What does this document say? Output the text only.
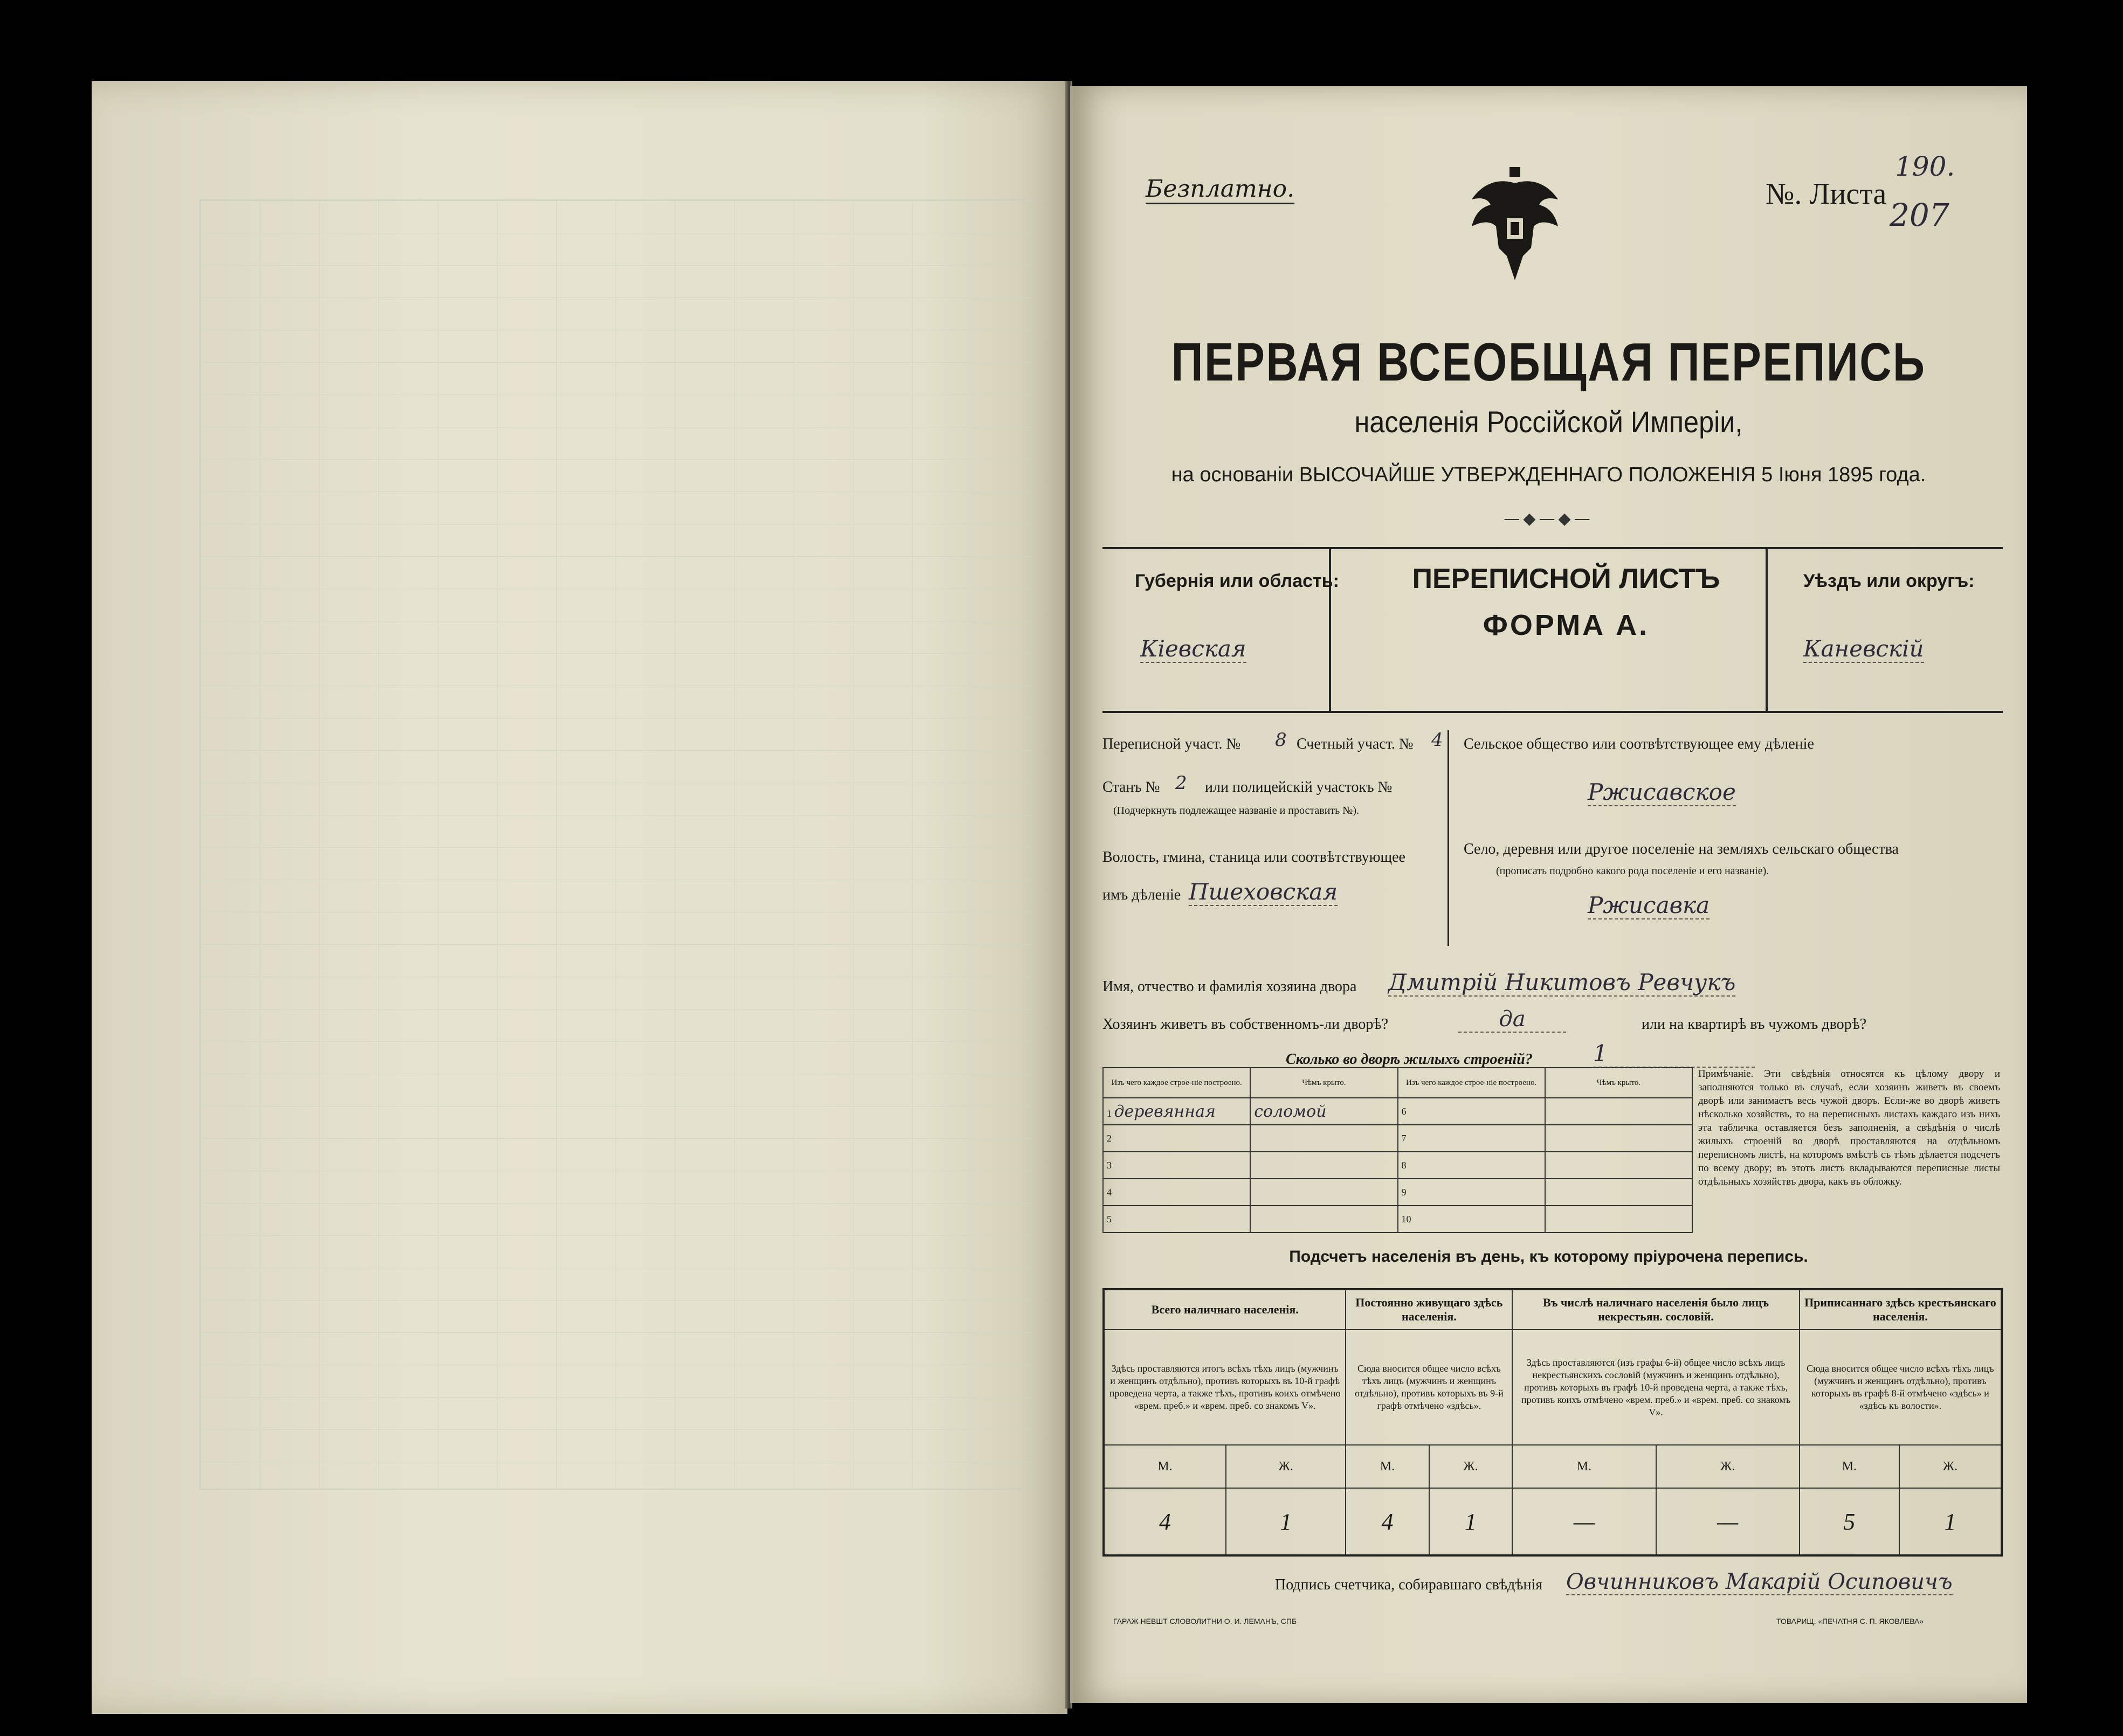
Безплатно.	№. Листа
190.
207
ПЕРВАЯ ВСЕОБЩАЯ ПЕРЕПИСЬ
населенія Россійской Имперіи,
на основаніи ВЫСОЧАЙШЕ УТВЕРЖДЕННАГО ПОЛОЖЕНІЯ 5 Іюня 1895 года.
—◆—◆—
Губернія или область:
Кіевская
ПЕРЕПИСНОЙ ЛИСТЪ
ФОРМА А.
Уѣздъ или округъ:
Каневскій
Переписной участ. № 8 Счетный участ. № 4
Станъ № 2 или полицейскій участокъ №
(Подчеркнуть подлежащее названіе и проставить №).
Волость, гмина, станица или соотвѣтствующее
имъ дѣленіе Пшеховская
Сельское общество или соотвѣтствующее ему дѣленіе
Ржисавское
Село, деревня или другое поселеніе на земляхъ сельскаго общества
(прописать подробно какого рода поселеніе и его названіе).
Ржисавка
Имя, отчество и фамилія хозяина двора Дмитрій Никитовъ Ревчукъ
Хозяинъ живетъ въ собственномъ-ли дворѣ?	да	или на квартирѣ въ чужомъ дворѣ?
Сколько во дворѣ жилыхъ строеній?	1
Изъ чего каждое строе-ніе построено.	Чѣмъ крыто.	Изъ чего каждое строе-ніе построено.	Чѣмъ крыто.
1 деревянная	соломой	6	
2		7	
3		8	
4		9	
5		10	
Примѣчаніе. Эти свѣдѣнія относятся къ цѣлому двору и заполняются только въ случаѣ, если хозяинъ живетъ въ своемъ дворѣ или занимаетъ весь чужой дворъ. Если-же во дворѣ живетъ нѣсколько хозяйствъ, то на переписныхъ листахъ каждаго изъ нихъ эта табличка оставляется безъ заполненія, а свѣдѣнія о числѣ жилыхъ строеній во дворѣ проставляются на отдѣльномъ переписномъ листѣ, на которомъ вмѣстѣ съ тѣмъ дѣлается подсчетъ по всему двору; въ этотъ листъ вкладываются переписные листы отдѣльныхъ хозяйствъ двора, какъ въ обложку.
Подсчетъ населенія въ день, къ которому пріурочена перепись.
Всего наличнаго населенія.		Постоянно живущаго здѣсь населенія.		Въ числѣ наличнаго населенія было лицъ некрестьян. сословій.		Приписаннаго здѣсь крестьянскаго населенія.	
Здѣсь проставляются итогъ всѣхъ тѣхъ лицъ (мужчинъ и женщинъ отдѣльно), противъ которыхъ въ 10-й графѣ проведена черта, а также тѣхъ, противъ коихъ отмѣчено «врем. преб.» и «врем. преб. со знакомъ V».		Сюда вносится общее число всѣхъ тѣхъ лицъ (мужчинъ и женщинъ отдѣльно), противъ которыхъ въ 9-й графѣ отмѣчено «здѣсь».		Здѣсь проставляются (изъ графы 6-й) общее число всѣхъ лицъ некрестьянскихъ сословій (мужчинъ и женщинъ отдѣльно), противъ которыхъ въ графѣ 10-й проведена черта, а также тѣхъ, противъ коихъ отмѣчено «врем. преб.» и «врем. преб. со знакомъ V».		Сюда вносится общее число всѣхъ тѣхъ лицъ (мужчинъ и женщинъ отдѣльно), противъ которыхъ въ графѣ 8-й отмѣчено «здѣсь» и «здѣсь къ волости».	
М.	Ж.	М.	Ж.	М.	Ж.	М.	Ж.
4	1	4	1	—	—	5	1
Подпись счетчика, собиравшаго свѣдѣнія Овчинниковъ Макарій Осиповичъ
ГАРАЖ НЕВШТ СЛОВОЛИТНИ О. И. ЛЕМАНЪ, СПБ	ТОВАРИЩ. «ПЕЧАТНЯ С. П. ЯКОВЛЕВА»
